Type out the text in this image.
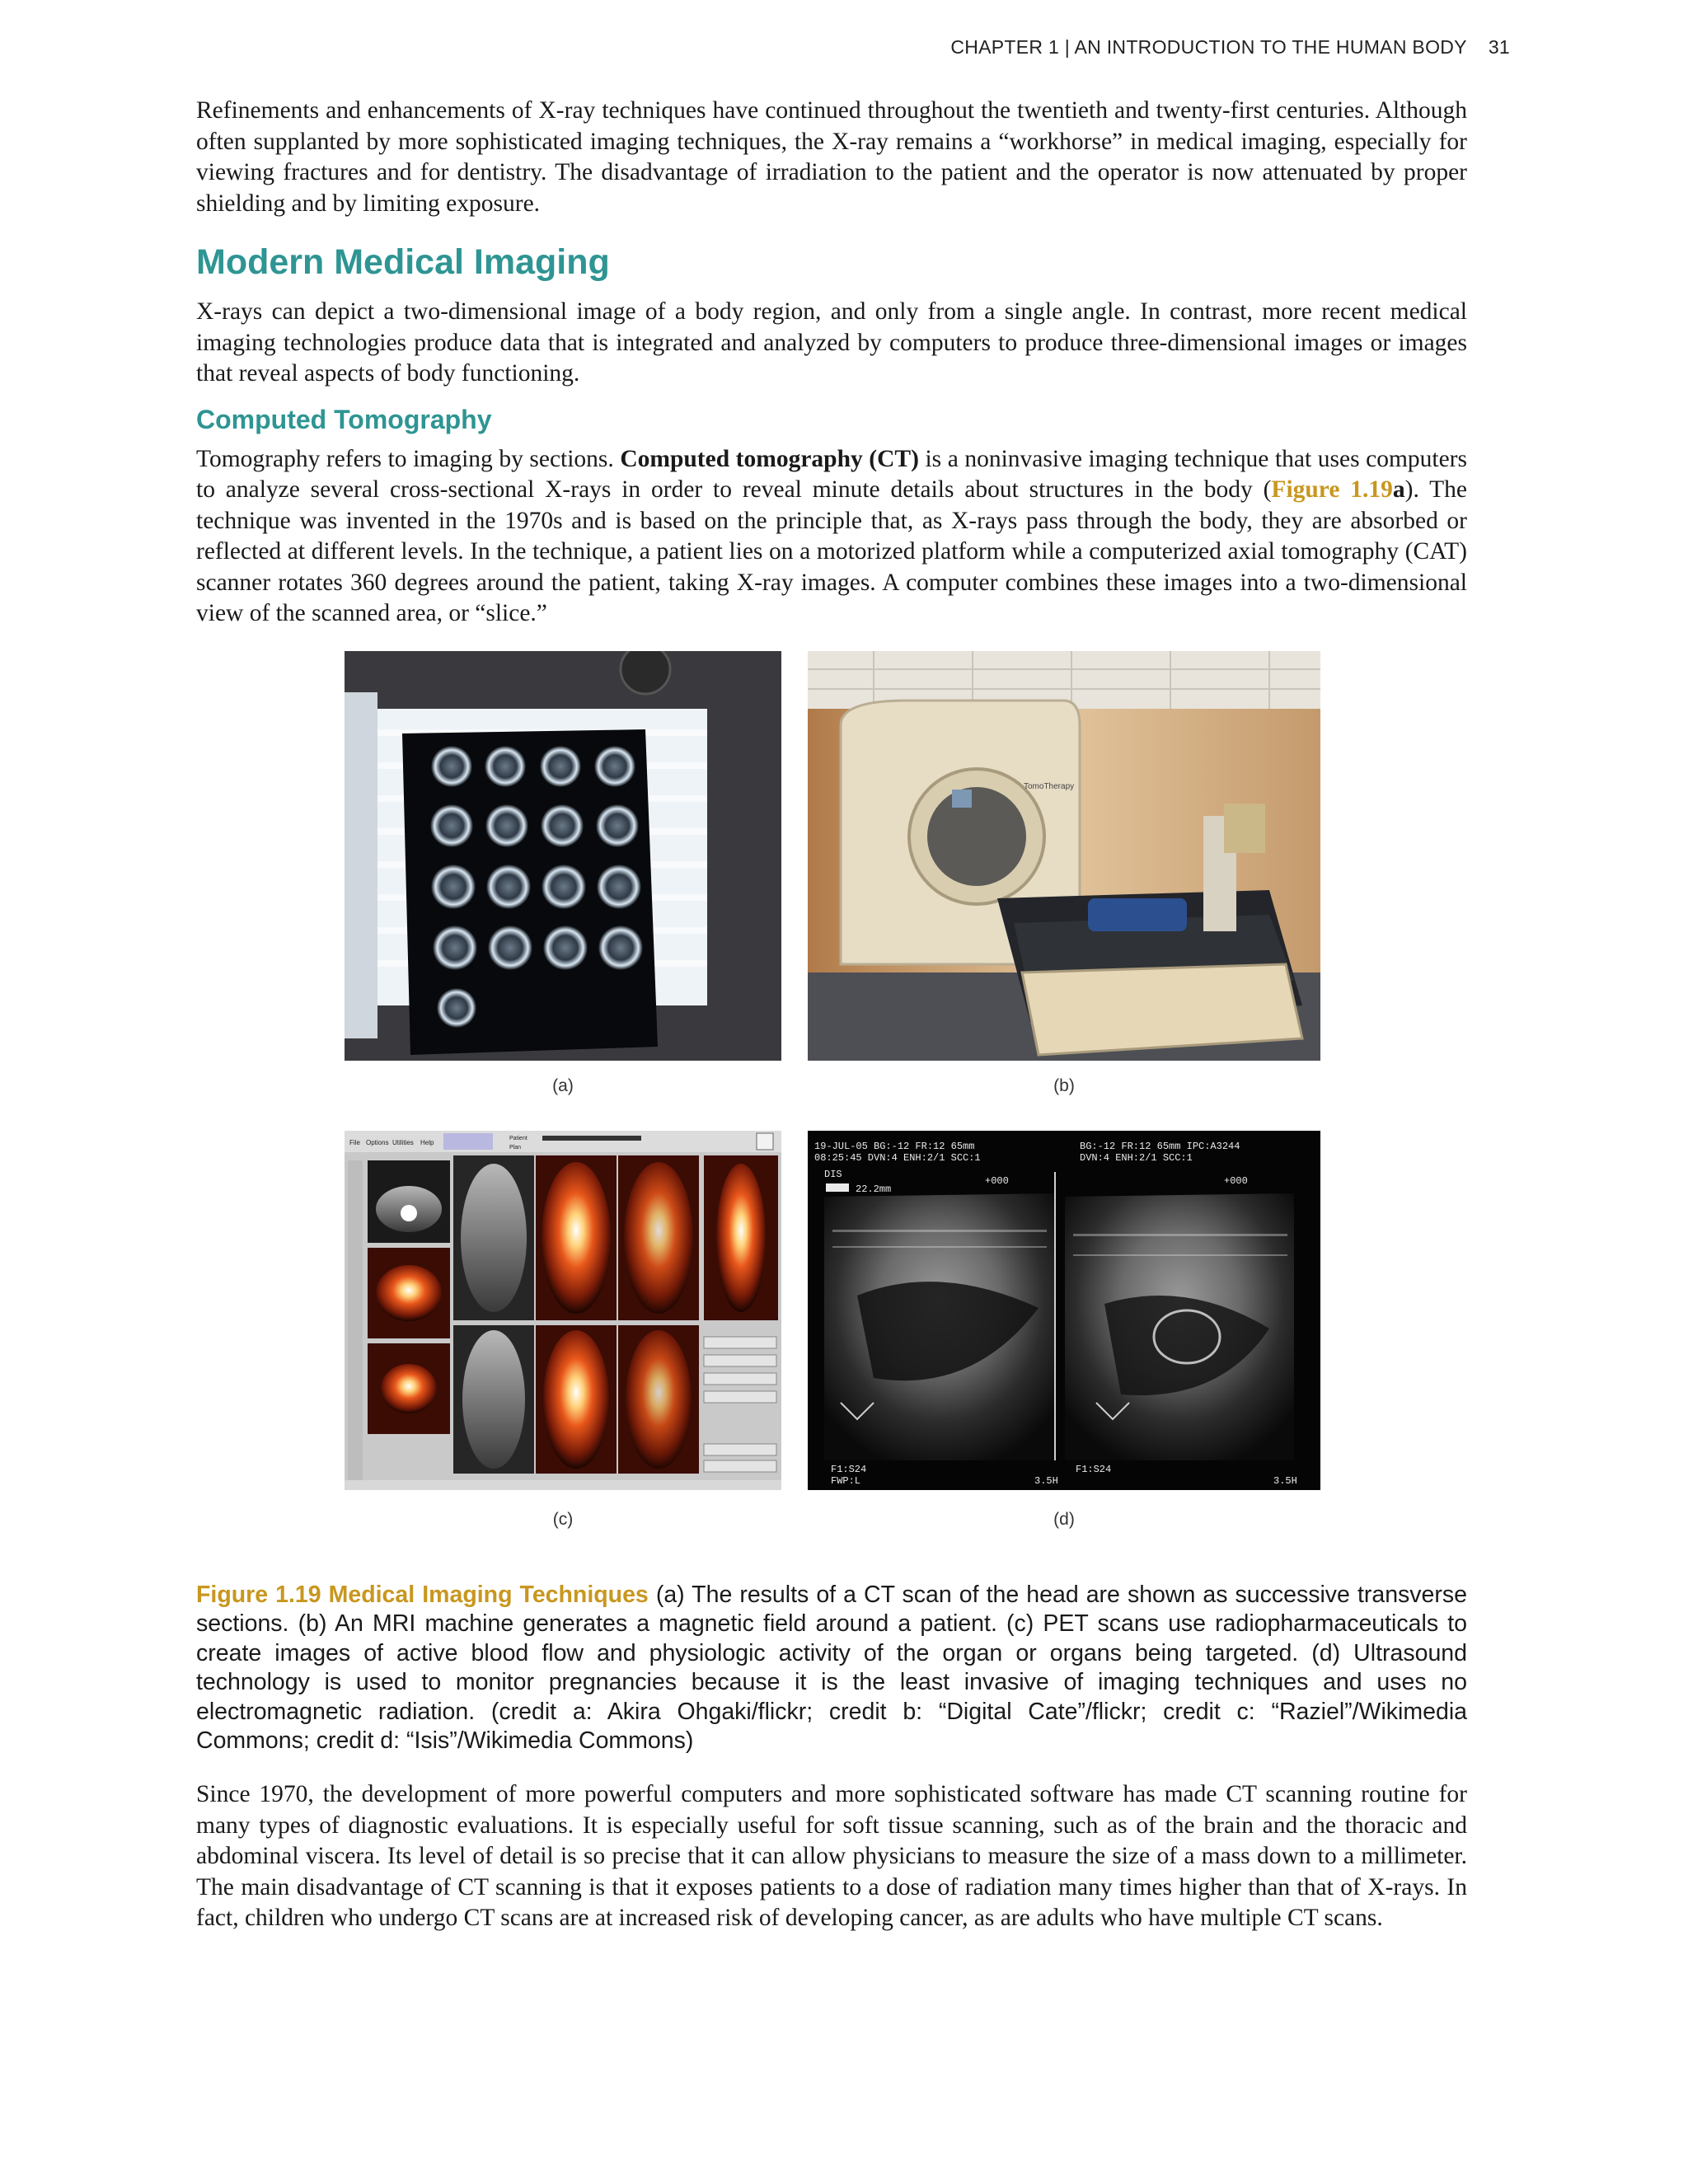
CHAPTER 1 | AN INTRODUCTION TO THE HUMAN BODY 31

Refinements and enhancements of X-ray techniques have continued throughout the twentieth and twenty-first centuries. Although often supplanted by more sophisticated imaging techniques, the X-ray remains a “workhorse” in medical imaging, especially for viewing fractures and for dentistry. The disadvantage of irradiation to the patient and the operator is now attenuated by proper shielding and by limiting exposure.

Modern Medical Imaging

X-rays can depict a two-dimensional image of a body region, and only from a single angle. In contrast, more recent medical imaging technologies produce data that is integrated and analyzed by computers to produce three-dimensional images or images that reveal aspects of body functioning.

Computed Tomography

Tomography refers to imaging by sections. Computed tomography (CT) is a noninvasive imaging technique that uses computers to analyze several cross-sectional X-rays in order to reveal minute details about structures in the body (Figure 1.19a). The technique was invented in the 1970s and is based on the principle that, as X-rays pass through the body, they are absorbed or reflected at different levels. In the technique, a patient lies on a motorized platform while a computerized axial tomography (CAT) scanner rotates 360 degrees around the patient, taking X-ray images. A computer combines these images into a two-dimensional view of the scanned area, or “slice.”

(a)
TomoTherapy
(b)
File Options Utilities Help
Patient
Plan
(c)
19-JUL-05 BG:-12 FR:12 65mm
08:25:45 DVN:4 ENH:2/1 SCC:1
BG:-12 FR:12 65mm IPC:A3244
DVN:4 ENH:2/1 SCC:1
DIS
22.2mm
+000	+000
F1:S24
FWP:L	3.5H
F1:S24
3.5H
(d)

Figure 1.19 Medical Imaging Techniques (a) The results of a CT scan of the head are shown as successive transverse sections. (b) An MRI machine generates a magnetic field around a patient. (c) PET scans use radiopharmaceuticals to create images of active blood flow and physiologic activity of the organ or organs being targeted. (d) Ultrasound technology is used to monitor pregnancies because it is the least invasive of imaging techniques and uses no electromagnetic radiation. (credit a: Akira Ohgaki/flickr; credit b: “Digital Cate”/flickr; credit c: “Raziel”/Wikimedia Commons; credit d: “Isis”/Wikimedia Commons)

Since 1970, the development of more powerful computers and more sophisticated software has made CT scanning routine for many types of diagnostic evaluations. It is especially useful for soft tissue scanning, such as of the brain and the thoracic and abdominal viscera. Its level of detail is so precise that it can allow physicians to measure the size of a mass down to a millimeter. The main disadvantage of CT scanning is that it exposes patients to a dose of radiation many times higher than that of X-rays. In fact, children who undergo CT scans are at increased risk of developing cancer, as are adults who have multiple CT scans.
